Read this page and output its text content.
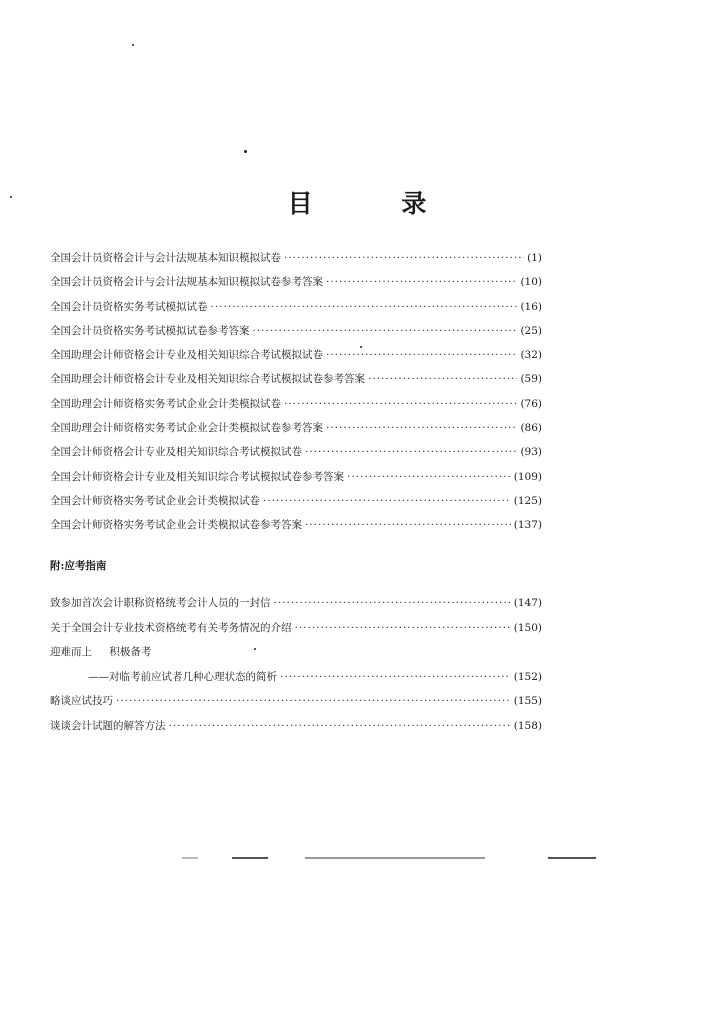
目 录
全国会计员资格会计与会计法规基本知识模拟试卷 ·····	(1)
全国会计员资格会计与会计法规基本知识模拟试卷参考答案 ·····	(10)
全国会计员资格实务考试模拟试卷 ·····	(16)
全国会计员资格实务考试模拟试卷参考答案 ·····	(25)
全国助理会计师资格会计专业及相关知识综合考试模拟试卷 ·····	(32)
全国助理会计师资格会计专业及相关知识综合考试模拟试卷参考答案 ·····	(59)
全国助理会计师资格实务考试企业会计类模拟试卷 ·····	(76)
全国助理会计师资格实务考试企业会计类模拟试卷参考答案 ·····	(86)
全国会计师资格会计专业及相关知识综合考试模拟试卷 ·····	(93)
全国会计师资格会计专业及相关知识综合考试模拟试卷参考答案 ·····	(109)
全国会计师资格实务考试企业会计类模拟试卷 ·····	(125)
全国会计师资格实务考试企业会计类模拟试卷参考答案 ·····	(137)
附:应考指南
致参加首次会计职称资格统考会计人员的一封信 ·····	(147)
关于全国会计专业技术资格统考有关考务情况的介绍 ·····	(150)
迎难而上 积极备考
——对临考前应试者几种心理状态的简析 ·····	(152)
略谈应试技巧 ·····	(155)
谈谈会计试题的解答方法 ·····	(158)
